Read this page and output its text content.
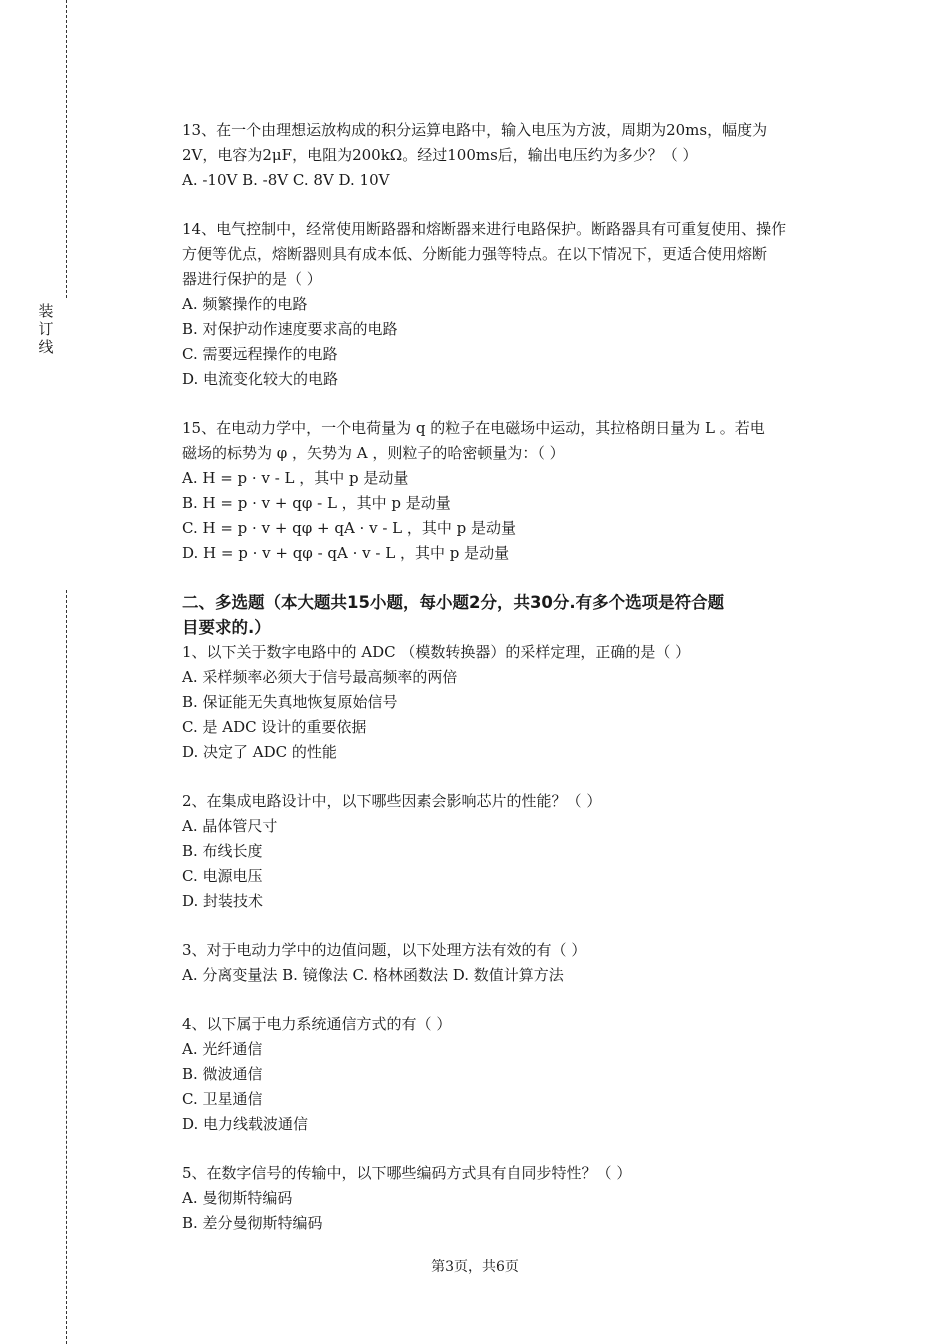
装
订
线
13、在一个由理想运放构成的积分运算电路中，输入电压为方波，周期为20ms，幅度为
2V，电容为2μF，电阻为200kΩ。经过100ms后，输出电压约为多少？（ ）
A. -10V B. -8V C. 8V D. 10V
14、电气控制中，经常使用断路器和熔断器来进行电路保护。断路器具有可重复使用、操作
方便等优点，熔断器则具有成本低、分断能力强等特点。在以下情况下，更适合使用熔断
器进行保护的是（ ）
A. 频繁操作的电路
B. 对保护动作速度要求高的电路
C. 需要远程操作的电路
D. 电流变化较大的电路
15、在电动力学中，一个电荷量为 q 的粒子在电磁场中运动，其拉格朗日量为 L 。若电
磁场的标势为 φ ，矢势为 A ，则粒子的哈密顿量为：（ ）
A. H = p · v - L ，其中 p 是动量
B. H = p · v + qφ - L ，其中 p 是动量
C. H = p · v + qφ + qA · v - L ，其中 p 是动量
D. H = p · v + qφ - qA · v - L ，其中 p 是动量
二、多选题（本大题共15小题，每小题2分，共30分.有多个选项是符合题
目要求的.）
1、以下关于数字电路中的 ADC （模数转换器）的采样定理，正确的是（ ）
A. 采样频率必须大于信号最高频率的两倍
B. 保证能无失真地恢复原始信号
C. 是 ADC 设计的重要依据
D. 决定了 ADC 的性能
2、在集成电路设计中，以下哪些因素会影响芯片的性能？（ ）
A. 晶体管尺寸
B. 布线长度
C. 电源电压
D. 封装技术
3、对于电动力学中的边值问题，以下处理方法有效的有（ ）
A. 分离变量法 B. 镜像法 C. 格林函数法 D. 数值计算方法
4、以下属于电力系统通信方式的有（ ）
A. 光纤通信
B. 微波通信
C. 卫星通信
D. 电力线载波通信
5、在数字信号的传输中，以下哪些编码方式具有自同步特性？（ ）
A. 曼彻斯特编码
B. 差分曼彻斯特编码
第3页，共6页
